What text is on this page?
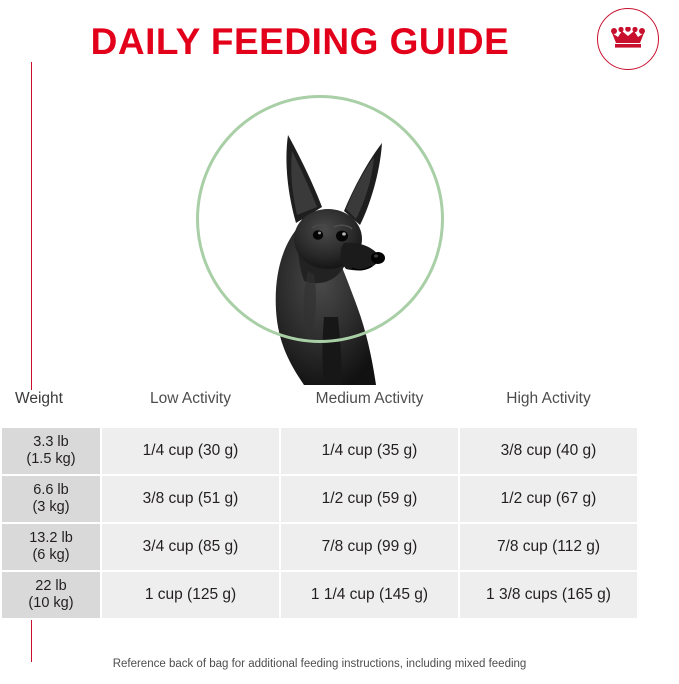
DAILY FEEDING GUIDE
Weight	Low Activity	Medium Activity	High Activity

3.3 lb
(1.5 kg)	1/4 cup (30 g)	1/4 cup (35 g)	3/8 cup (40 g)

6.6 lb
(3 kg)	3/8 cup (51 g)	1/2 cup (59 g)	1/2 cup (67 g)

13.2 lb
(6 kg)	3/4 cup (85 g)	7/8 cup (99 g)	7/8 cup (112 g)

22 lb
(10 kg)	1 cup (125 g)	1 1/4 cup (145 g)	1 3/8 cups (165 g)
Reference back of bag for additional feeding instructions, including mixed feeding
